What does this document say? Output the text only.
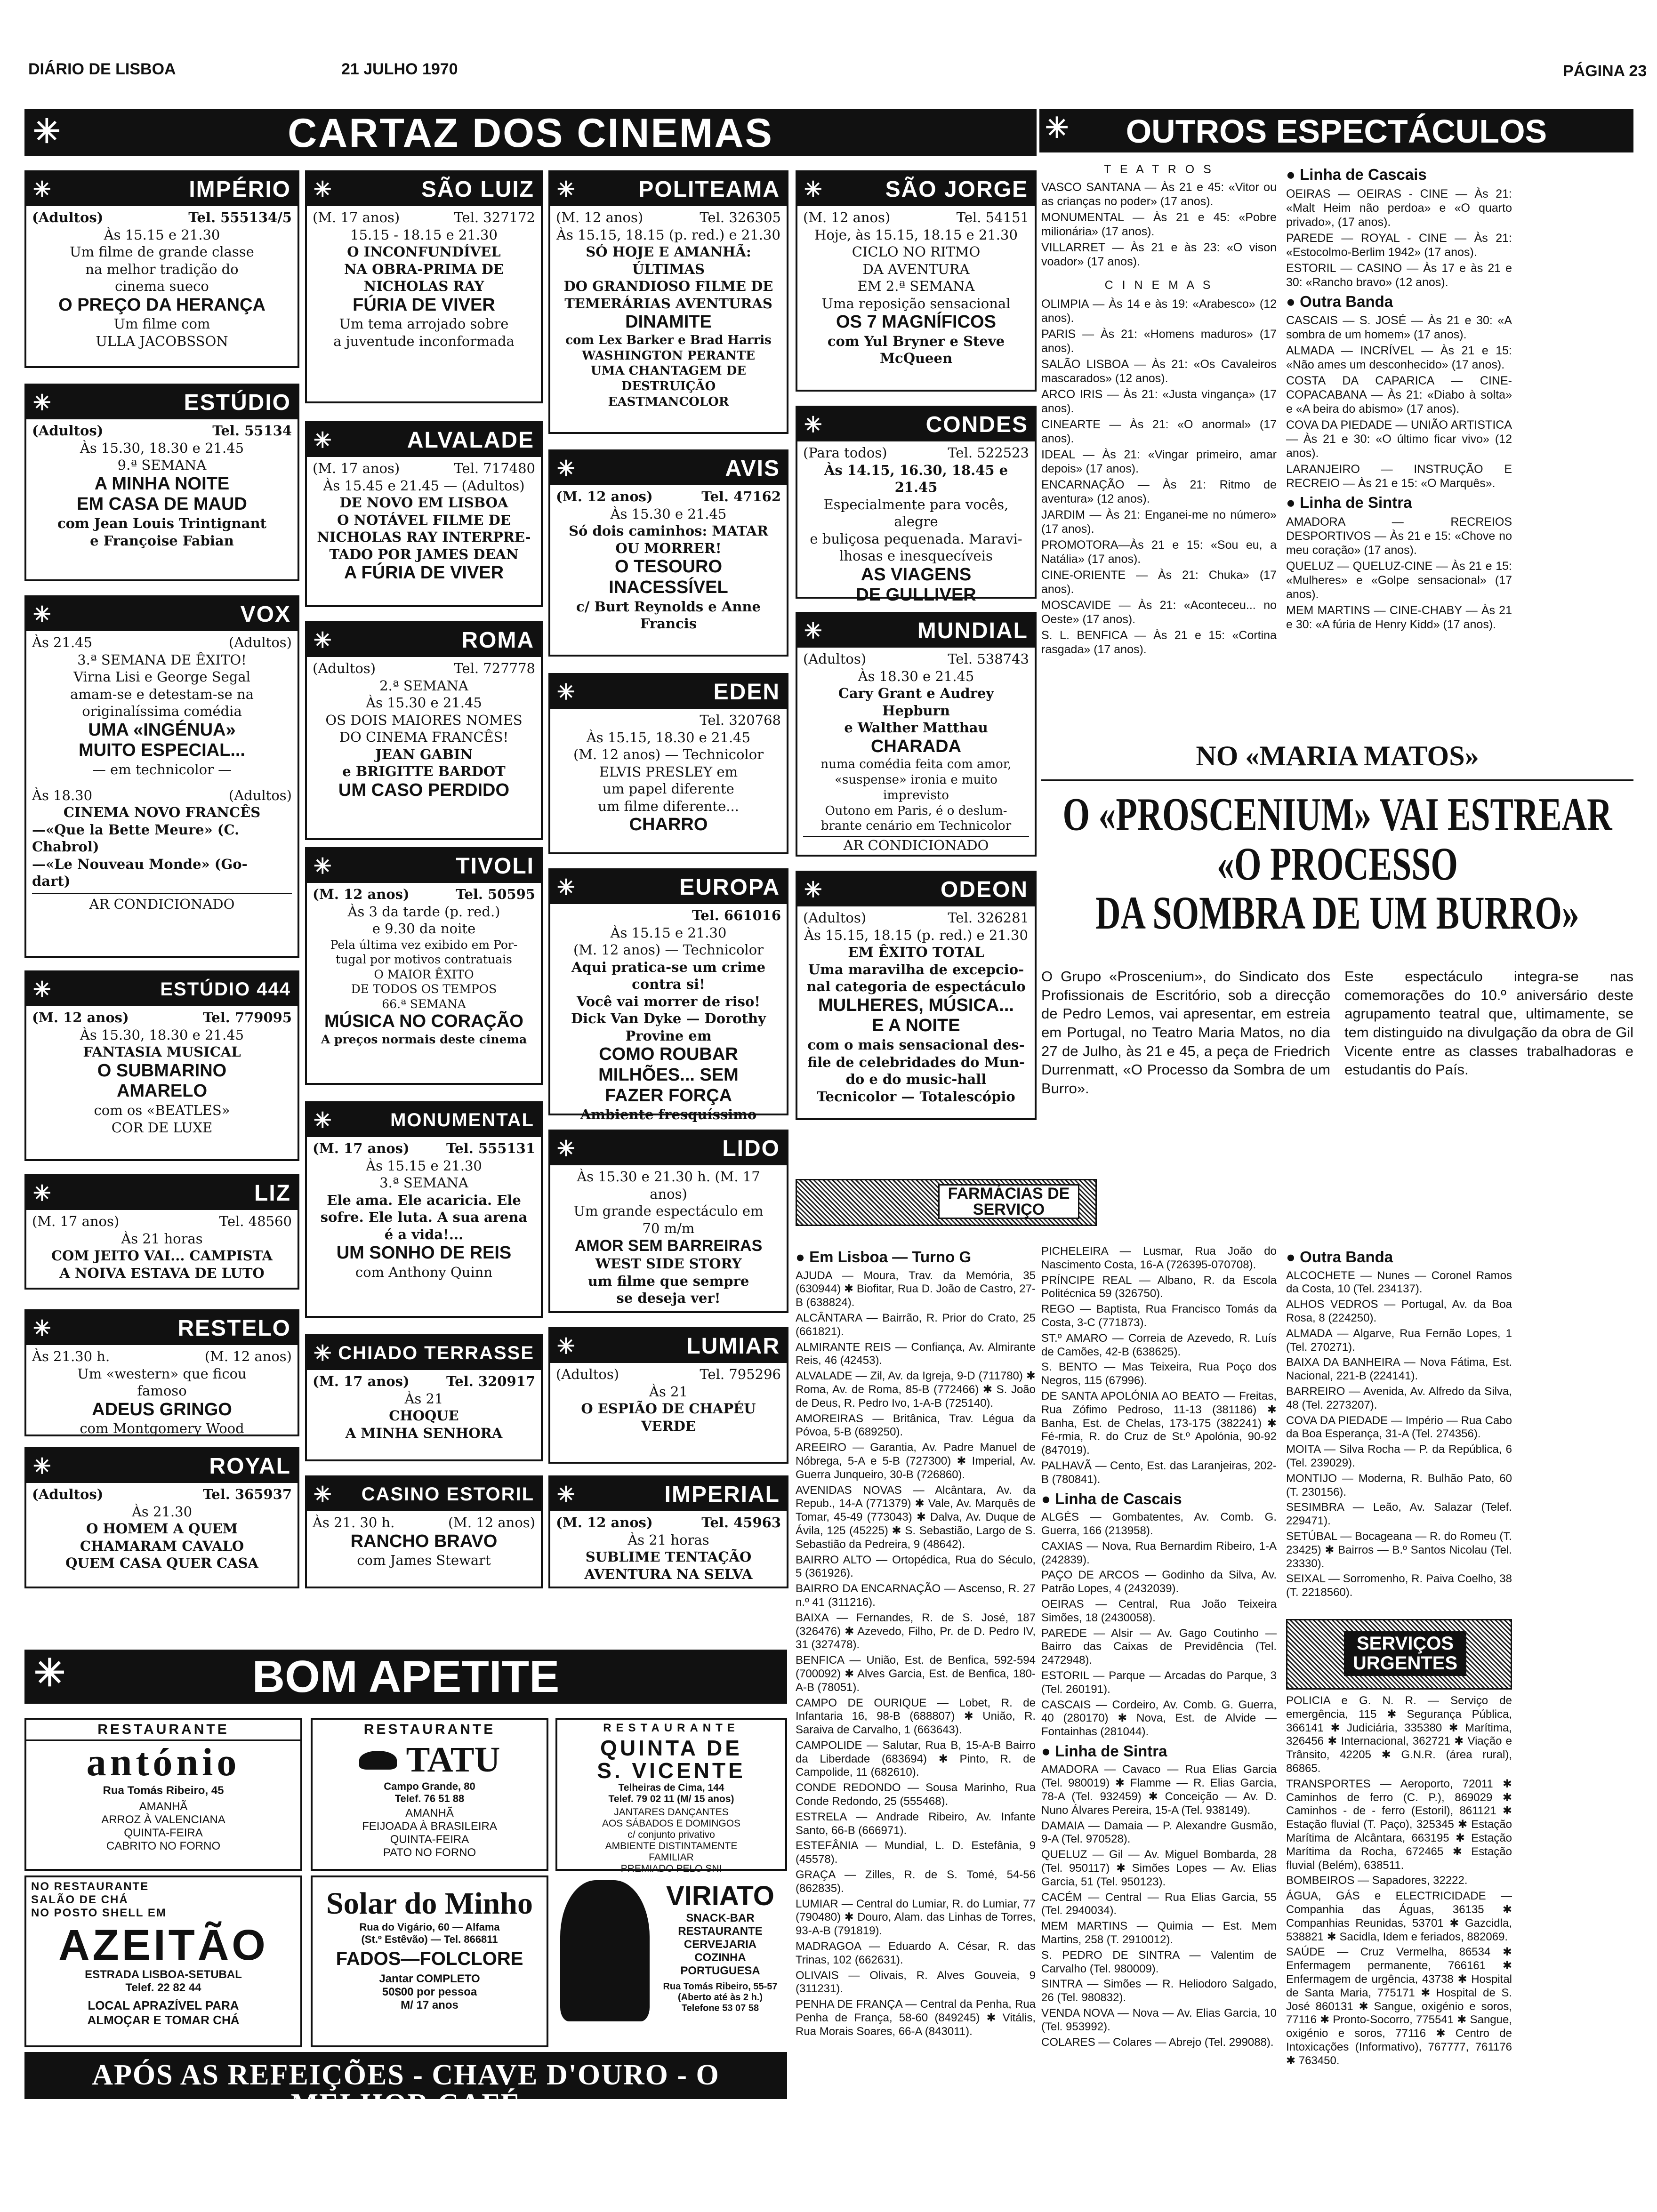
DIÁRIO DE LISBOA	21 JULHO 1970	PÁGINA 23
✳	CARTAZ DOS CINEMAS	✳ OUTROS ESPECTÁCULOS
✳	IMPÉRIO
(Adultos)	Tel. 555134/5
Às 15.15 e 21.30
Um filme de grande classe
na melhor tradição do
cinema sueco
O PREÇO DA HERANÇA
Um filme com
ULLA JACOBSSON
✳	ESTÚDIO
(Adultos)	Tel. 55134
Às 15.30, 18.30 e 21.45
9.ª SEMANA
A MINHA NOITE
EM CASA DE MAUD
com Jean Louis Trintignant
e Françoise Fabian
✳	VOX
Às 21.45	(Adultos)
3.ª SEMANA DE ÊXITO!
Virna Lisi e George Segal
amam-se e detestam-se na
originalíssima comédia
UMA «INGÉNUA»
MUITO ESPECIAL...
— em technicolor —
Às 18.30	(Adultos)
CINEMA NOVO FRANCÊS
—«Que la Bette Meure» (C.
Chabrol)
—«Le Nouveau Monde» (Go-
dart)
AR CONDICIONADO
✳	ESTÚDIO 444
(M. 12 anos)	Tel. 779095
Às 15.30, 18.30 e 21.45
FANTASIA MUSICAL
O SUBMARINO
AMARELO
com os «BEATLES»
COR DE LUXE
✳	LIZ
(M. 17 anos)	Tel. 48560
Às 21 horas
COM JEITO VAI... CAMPISTA
A NOIVA ESTAVA DE LUTO
✳	RESTELO
Às 21.30 h.	(M. 12 anos)
Um «western» que ficou
famoso
ADEUS GRINGO
com Montgomery Wood
✳	ROYAL
(Adultos)	Tel. 365937
Às 21.30
O HOMEM A QUEM
CHAMARAM CAVALO
QUEM CASA QUER CASA
✳	SÃO LUIZ
(M. 17 anos)	Tel. 327172
15.15 - 18.15 e 21.30
O INCONFUNDÍVEL
NA OBRA-PRIMA DE
NICHOLAS RAY
FÚRIA DE VIVER
Um tema arrojado sobre
a juventude inconformada
✳	ALVALADE
(M. 17 anos)	Tel. 717480
Às 15.45 e 21.45 — (Adultos)
DE NOVO EM LISBOA
O NOTÁVEL FILME DE
NICHOLAS RAY INTERPRE-
TADO POR JAMES DEAN
A FÚRIA DE VIVER
✳	ROMA
(Adultos)	Tel. 727778
2.ª SEMANA
Às 15.30 e 21.45
OS DOIS MAIORES NOMES
DO CINEMA FRANCÊS!
JEAN GABIN
e BRIGITTE BARDOT
UM CASO PERDIDO
✳	TIVOLI
(M. 12 anos)	Tel. 50595
Às 3 da tarde (p. red.)
e 9.30 da noite
Pela última vez exibido em Por-
tugal por motivos contratuais
O MAIOR ÊXITO
DE TODOS OS TEMPOS
66.ª SEMANA
MÚSICA NO CORAÇÃO
A preços normais deste cinema
✳	MONUMENTAL
(M. 17 anos)	Tel. 555131
Às 15.15 e 21.30
3.ª SEMANA
Ele ama. Ele acaricia. Ele
sofre. Ele luta. A sua arena
é a vida!...
UM SONHO DE REIS
com Anthony Quinn
✳ CHIADO TERRASSE
(M. 17 anos)	Tel. 320917
Às 21
CHOQUE
A MINHA SENHORA
✳ CASINO ESTORIL
Às 21. 30 h.	(M. 12 anos)
RANCHO BRAVO
com James Stewart
✳	POLITEAMA
(M. 12 anos)	Tel. 326305
Às 15.15, 18.15 (p. red.) e 21.30
SÓ HOJE E AMANHÃ:
ÚLTIMAS
DO GRANDIOSO FILME DE
TEMERÁRIAS AVENTURAS
DINAMITE
com Lex Barker e Brad Harris
WASHINGTON PERANTE
UMA CHANTAGEM DE
DESTRUIÇÃO
EASTMANCOLOR
✳	AVIS
(M. 12 anos)	Tel. 47162
Às 15.30 e 21.45
Só dois caminhos: MATAR
OU MORRER!
O TESOURO
INACESSÍVEL
c/ Burt Reynolds e Anne
Francis
✳	EDEN
Tel. 320768
Às 15.15, 18.30 e 21.45
(M. 12 anos) — Technicolor
ELVIS PRESLEY em
um papel diferente
um filme diferente...
CHARRO
✳	EUROPA
Tel. 661016
Às 15.15 e 21.30
(M. 12 anos) — Technicolor
Aqui pratica-se um crime
contra si!
Você vai morrer de riso!
Dick Van Dyke — Dorothy
Provine em
COMO ROUBAR
MILHÕES... SEM
FAZER FORÇA
Ambiente fresquíssimo
✳	LIDO
Às 15.30 e 21.30 h. (M. 17 anos)
Um grande espectáculo em
70 m/m
AMOR SEM BARREIRAS
WEST SIDE STORY
um filme que sempre
se deseja ver!
✳	LUMIAR
(Adultos)	Tel. 795296
Às 21
O ESPIÃO DE CHAPÉU
VERDE
✳	IMPERIAL
(M. 12 anos)	Tel. 45963
Às 21 horas
SUBLIME TENTAÇÃO
AVENTURA NA SELVA
✳	SÃO JORGE
(M. 12 anos)	Tel. 54151
Hoje, às 15.15, 18.15 e 21.30
CICLO NO RITMO
DA AVENTURA
EM 2.ª SEMANA
Uma reposição sensacional
OS 7 MAGNÍFICOS
com Yul Bryner e Steve
McQueen
✳	CONDES
(Para todos)	Tel. 522523
Às 14.15, 16.30, 18.45 e 21.45
Especialmente para vocês, alegre
e buliçosa pequenada. Maravi-
lhosas e inesquecíveis
AS VIAGENS
DE GULLIVER
✳	MUNDIAL
(Adultos)	Tel. 538743
Às 18.30 e 21.45
Cary Grant e Audrey Hepburn
e Walther Matthau
CHARADA
numa comédia feita com amor,
«suspense» ironia e muito
imprevisto
Outono em Paris, é o deslum-
brante cenário em Technicolor
AR CONDICIONADO
✳	ODEON
(Adultos)	Tel. 326281
Às 15.15, 18.15 (p. red.) e 21.30
EM ÊXITO TOTAL
Uma maravilha de excepcio-
nal categoria de espectáculo
MULHERES, MÚSICA...
E A NOITE
com o mais sensacional des-
file de celebridades do Mun-
do e do music-hall
Tecnicolor — Totalescópio
T E A T R O S

VASCO SANTANA — Às 21 e 45: «Vitor ou as crianças no poder» (17 anos).

MONUMENTAL — Às 21 e 45: «Pobre milionária» (17 anos).

VILLARRET — Às 21 e às 23: «O vison voador» (17 anos).

C I N E M A S

OLIMPIA — Às 14 e às 19: «Arabesco» (12 anos).

PARIS — Às 21: «Homens maduros» (17 anos).

SALÃO LISBOA — Às 21: «Os Cavaleiros mascarados» (12 anos).

ARCO IRIS — Às 21: «Justa vingança» (17 anos).

CINEARTE — Às 21: «O anormal» (17 anos).

IDEAL — Às 21: «Vingar primeiro, amar depois» (17 anos).

ENCARNAÇÃO — Às 21: Ritmo de aventura» (12 anos).

JARDIM — Às 21: Enganei-me no número» (17 anos).

PROMOTORA—Às 21 e 15: «Sou eu, a Natália» (17 anos).

CINE-ORIENTE — Às 21: Chuka» (17 anos).

MOSCAVIDE — Às 21: «Aconteceu... no Oeste» (17 anos).

S. L. BENFICA — Às 21 e 15: «Cortina rasgada» (17 anos).

● Linha de Cascais

OEIRAS — OEIRAS - CINE — Às 21: «Malt Heim não perdoa» e «O quarto privado», (17 anos).

PAREDE — ROYAL - CINE — Às 21: «Estocolmo-Berlim 1942» (17 anos).

ESTORIL — CASINO — Às 17 e às 21 e 30: «Rancho bravo» (12 anos).

● Outra Banda

CASCAIS — S. JOSÉ — Às 21 e 30: «A sombra de um homem» (17 anos).

ALMADA — INCRÍVEL — Às 21 e 15: «Não ames um desconhecido» (17 anos).

COSTA DA CAPARICA — CINE-COPACABANA — Às 21: «Diabo à solta» e «A beira do abismo» (17 anos).

COVA DA PIEDADE — UNIÃO ARTISTICA — Às 21 e 30: «O último ficar vivo» (12 anos).

LARANJEIRO — INSTRUÇÃO E RECREIO — Às 21 e 15: «O Marquês».

● Linha de Sintra

AMADORA — RECREIOS DESPORTIVOS — Às 21 e 15: «Chove no meu coração» (17 anos).

QUELUZ — QUELUZ-CINE — Às 21 e 15: «Mulheres» e «Golpe sensacional» (17 anos).

MEM MARTINS — CINE-CHABY — Às 21 e 30: «A fúria de Henry Kidd» (17 anos).

NO «MARIA MATOS»
O «PROSCENIUM» VAI ESTREAR
«O PROCESSO
DA SOMBRA DE UM BURRO»
O Grupo «Proscenium», do Sindicato dos Profissionais de Escritório, sob a direcção de Pedro Lemos, vai apresentar, em estreia em Portugal, no Teatro Maria Matos, no dia 27 de Julho, às 21 e 45, a peça de Friedrich Durrenmatt, «O Processo da Sombra de um Burro».
Este espectáculo integra-se nas comemorações do 10.º aniversário deste agrupamento teatral que, ultimamente, se tem distinguido na divulgação da obra de Gil Vicente entre as classes trabalhadoras e estudantis do País.
FARMÁCIAS DE SERVIÇO
● Em Lisboa — Turno G

AJUDA — Moura, Trav. da Memória, 35 (630944) ✱ Biofitar, Rua D. João de Castro, 27-B (638824).

ALCÂNTARA — Bairrão, R. Prior do Crato, 25 (661821).

ALMIRANTE REIS — Confiança, Av. Almirante Reis, 46 (42453).

ALVALADE — Zil, Av. da Igreja, 9-D (711780) ✱ Roma, Av. de Roma, 85-B (772466) ✱ S. João de Deus, R. Pedro Ivo, 1-A-B (725140).

AMOREIRAS — Britânica, Trav. Légua da Póvoa, 5-B (689250).

AREEIRO — Garantia, Av. Padre Manuel de Nóbrega, 5-A e 5-B (727300) ✱ Imperial, Av. Guerra Junqueiro, 30-B (726860).

AVENIDAS NOVAS — Alcântara, Av. da Repub., 14-A (771379) ✱ Vale, Av. Marquês de Tomar, 45-49 (773043) ✱ Dalva, Av. Duque de Ávila, 125 (45225) ✱ S. Sebastião, Largo de S. Sebastião da Pedreira, 9 (48642).

BAIRRO ALTO — Ortopédica, Rua do Século, 5 (361926).

BAIRRO DA ENCARNAÇÃO — Ascenso, R. 27 n.º 41 (311216).

BAIXA — Fernandes, R. de S. José, 187 (326476) ✱ Azevedo, Filho, Pr. de D. Pedro IV, 31 (327478).

BENFICA — União, Est. de Benfica, 592-594 (700092) ✱ Alves Garcia, Est. de Benfica, 180-A-B (78051).

CAMPO DE OURIQUE — Lobet, R. de Infantaria 16, 98-B (688807) ✱ União, R. Saraiva de Carvalho, 1 (663643).

CAMPOLIDE — Salutar, Rua B, 15-A-B Bairro da Liberdade (683694) ✱ Pinto, R. de Campolide, 11 (682610).

CONDE REDONDO — Sousa Marinho, Rua Conde Redondo, 25 (555468).

ESTRELA — Andrade Ribeiro, Av. Infante Santo, 66-B (666971).

ESTEFÂNIA — Mundial, L. D. Estefânia, 9 (45578).

GRAÇA — Zilles, R. de S. Tomé, 54-56 (862835).

LUMIAR — Central do Lumiar, R. do Lumiar, 77 (790480) ✱ Douro, Alam. das Linhas de Torres, 93-A-B (791819).

MADRAGOA — Eduardo A. César, R. das Trinas, 102 (662631).

OLIVAIS — Olivais, R. Alves Gouveia, 9 (311231).

PENHA DE FRANÇA — Central da Penha, Rua Penha de França, 58-60 (849245) ✱ Vitális, Rua Morais Soares, 66-A (843011).

PICHELEIRA — Lusmar, Rua João do Nascimento Costa, 16-A (726395-070708).

PRÍNCIPE REAL — Albano, R. da Escola Politécnica 59 (326750).

REGO — Baptista, Rua Francisco Tomás da Costa, 3-C (771873).

ST.º AMARO — Correia de Azevedo, R. Luís de Camões, 42-B (638625).

S. BENTO — Mas Teixeira, Rua Poço dos Negros, 115 (67996).

DE SANTA APOLÓNIA AO BEATO — Freitas, Rua Zófimo Pedroso, 11-13 (381186) ✱ Banha, Est. de Chelas, 173-175 (382241) ✱ Fé-rmia, R. do Cruz de St.º Apolónia, 90-92 (847019).

PALHAVÃ — Cento, Est. das Laranjeiras, 202-B (780841).

● Linha de Cascais

ALGÉS — Gombatentes, Av. Comb. G. Guerra, 166 (213958).

CAXIAS — Nova, Rua Bernardim Ribeiro, 1-A (242839).

PAÇO DE ARCOS — Godinho da Silva, Av. Patrão Lopes, 4 (2432039).

OEIRAS — Central, Rua João Teixeira Simões, 18 (2430058).

PAREDE — Alsir — Av. Gago Coutinho — Bairro das Caixas de Previdência (Tel. 2472948).

ESTORIL — Parque — Arcadas do Parque, 3 (Tel. 260191).

CASCAIS — Cordeiro, Av. Comb. G. Guerra, 40 (280170) ✱ Nova, Est. de Alvide — Fontainhas (281044).

● Linha de Sintra

AMADORA — Cavaco — Rua Elias Garcia (Tel. 980019) ✱ Flamme — R. Elias Garcia, 78-A (Tel. 932459) ✱ Conceição — Av. D. Nuno Álvares Pereira, 15-A (Tel. 938149).

DAMAIA — Damaia — P. Alexandre Gusmão, 9-A (Tel. 970528).

QUELUZ — Gil — Av. Miguel Bombarda, 28 (Tel. 950117) ✱ Simões Lopes — Av. Elias Garcia, 51 (Tel. 950123).

CACÉM — Central — Rua Elias Garcia, 55 (Tel. 2940034).

MEM MARTINS — Quimia — Est. Mem Martins, 258 (T. 2910012).

S. PEDRO DE SINTRA — Valentim de Carvalho (Tel. 980009).

SINTRA — Simões — R. Heliodoro Salgado, 26 (Tel. 980832).

VENDA NOVA — Nova — Av. Elias Garcia, 10 (Tel. 953992).

COLARES — Colares — Abrejo (Tel. 299088).

● Outra Banda

ALCOCHETE — Nunes — Coronel Ramos da Costa, 10 (Tel. 234137).

ALHOS VEDROS — Portugal, Av. da Boa Rosa, 8 (224250).

ALMADA — Algarve, Rua Fernão Lopes, 1 (Tel. 270271).

BAIXA DA BANHEIRA — Nova Fátima, Est. Nacional, 221-B (224141).

BARREIRO — Avenida, Av. Alfredo da Silva, 48 (Tel. 2273207).

COVA DA PIEDADE — Império — Rua Cabo da Boa Esperança, 31-A (Tel. 274356).

MOITA — Silva Rocha — P. da República, 6 (Tel. 239029).

MONTIJO — Moderna, R. Bulhão Pato, 60 (T. 230156).

SESIMBRA — Leão, Av. Salazar (Telef. 229471).

SETÚBAL — Bocageana — R. do Romeu (T. 23425) ✱ Bairros — B.º Santos Nicolau (Tel. 23330).

SEIXAL — Sorromenho, R. Paiva Coelho, 38 (T. 2218560).

SERVIÇOS URGENTES

POLICIA e G. N. R. — Serviço de emergência, 115 ✱ Segurança Pública, 366141 ✱ Judiciária, 335380 ✱ Marítima, 326456 ✱ Internacional, 362721 ✱ Viação e Trânsito, 42205 ✱ G.N.R. (área rural), 86865.

TRANSPORTES — Aeroporto, 72011 ✱ Caminhos de ferro (C. P.), 869029 ✱ Caminhos - de - ferro (Estoril), 861121 ✱ Estação fluvial (T. Paço), 325345 ✱ Estação Marítima de Alcântara, 663195 ✱ Estação Marítima da Rocha, 672465 ✱ Estação fluvial (Belém), 638511.

BOMBEIROS — Sapadores, 32222.

ÁGUA, GÁS e ELECTRICIDADE — Companhia das Águas, 36135 ✱ Companhias Reunidas, 53701 ✱ Gazcidla, 538821 ✱ Sacidla, Idem e feriados, 882069.

SAÚDE — Cruz Vermelha, 86534 ✱ Enfermagem permanente, 766161 ✱ Enfermagem de urgência, 43738 ✱ Hospital de Santa Maria, 775171 ✱ Hospital de S. José 860131 ✱ Sangue, oxigénio e soros, 77116 ✱ Pronto-Socorro, 775541 ✱ Sangue, oxigénio e soros, 77116 ✱ Centro de Intoxicações (Informativo), 767777, 761176 ✱ 763450.

✳	BOM APETITE
RESTAURANTE
antónio
Rua Tomás Ribeiro, 45
AMANHÃ
ARROZ À VALENCIANA
QUINTA-FEIRA
CABRITO NO FORNO
NO RESTAURANTE
SALÃO DE CHÁ
NO POSTO SHELL EM
AZEITÃO
ESTRADA LISBOA-SETUBAL
Telef. 22 82 44
LOCAL APRAZÍVEL PARA
ALMOÇAR E TOMAR CHÁ
RESTAURANTE
TATU
Campo Grande, 80
Telef. 76 51 88
AMANHÃ
FEIJOADA À BRASILEIRA
QUINTA-FEIRA
PATO NO FORNO
Solar do Minho
Rua do Vigário, 60 — Alfama
(St.º Estêvão) — Tel. 866811
FADOS—FOLCLORE
Jantar COMPLETO
50$00 por pessoa
M/ 17 anos
RESTAURANTE
QUINTA DE
S. VICENTE
Telheiras de Cima, 144
Telef. 79 02 11 (M/ 15 anos)
JANTARES DANÇANTES
AOS SÁBADOS E DOMINGOS
c/ conjunto privativo
AMBIENTE DISTINTAMENTE
FAMILIAR
PREMIADO PELO SNI
VIRIATO
SNACK-BAR
RESTAURANTE
CERVEJARIA
COZINHA
PORTUGUESA
Rua Tomás Ribeiro, 55-57
(Aberto até às 2 h.)
Telefone 53 07 58
APÓS AS REFEIÇÕES - CHAVE D'OURO - O MELHOR CAFÉ
